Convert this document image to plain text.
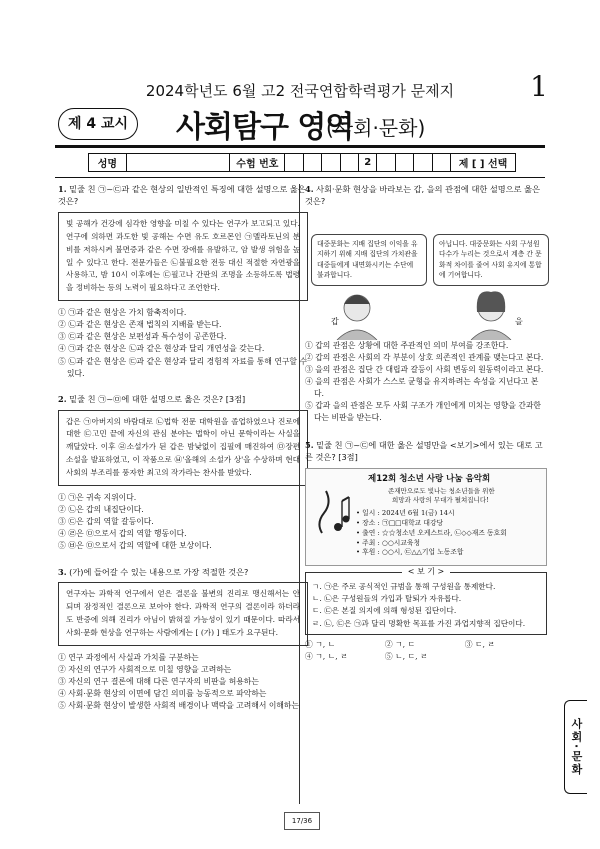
2024학년도 6월 고2 전국연합학력평가 문제지	1
제 4 교시	사회탐구 영역
(사회·문화)
성명	수험 번호	2	제 [ ] 선택
1. 밑줄 친 ㉠~㉢과 같은 현상의 일반적인 특징에 대한 설명으로 옳은 것은?
빛 공해가 건강에 심각한 영향을 미칠 수 있다는 연구가 보고되고 있다. 연구에 의하면 과도한 빛 공해는 수면 유도 호르몬인 ㉠멜라토닌의 분비를 저하시켜 불면증과 같은 수면 장애를 유발하고, 암 발생 위험을 높일 수 있다고 한다. 전문가들은 ㉡불필요한 전등 대신 적절한 자연광을 사용하고, 밤 10시 이후에는 ㉢필고나 간판의 조명을 소등하도록 법령을 정비하는 등의 노력이 필요하다고 조언한다.
① ㉠과 같은 현상은 가치 함축적이다.
② ㉡과 같은 현상은 존재 법칙의 지배를 받는다.
③ ㉢과 같은 현상은 보편성과 특수성이 공존한다.
④ ㉠과 같은 현상은 ㉡과 같은 현상과 달리 개연성을 갖는다.
⑤ ㉡과 같은 현상은 ㉢과 같은 현상과 달리 경험적 자료를 통해 연구할 수 있다.
2. 밑줄 친 ㉠~㉤에 대한 설명으로 옳은 것은? [3점]
갑은 ㉠아버지의 바람대로 ㉡법학 전문 대학원을 졸업하였으나 진로에 대한 ㉢고민 끝에 자신의 관심 분야는 법학이 아닌 문학이라는 사실을 깨달았다. 이후 ㉣소설가가 된 갑은 밤낮없이 집필에 매진하여 ㉤장편 소설을 발표하였고, 이 작품으로 ㉥'올해의 소설가 상'을 수상하며 현대 사회의 부조리를 풍자한 최고의 작가라는 찬사를 받았다.
① ㉠은 귀속 지위이다.
② ㉡은 갑의 내집단이다.
③ ㉢은 갑의 역할 갈등이다.
④ ㉣은 ㉤으로서 갑의 역할 행동이다.
⑤ ㉥은 ㉤으로서 갑의 역할에 대한 보상이다.
3. (가)에 들어갈 수 있는 내용으로 가장 적절한 것은?
연구자는 과학적 연구에서 얻은 결론을 불변의 진리로 맹신해서는 안 되며 잠정적인 결론으로 보아야 한다. 과학적 연구의 결론이라 하더라도 반증에 의해 진리가 아님이 밝혀질 가능성이 있기 때문이다. 따라서 사회·문화 현상을 연구하는 사람에게는 [ (가) ] 태도가 요구된다.
① 연구 과정에서 사실과 가치를 구분하는
② 자신의 연구가 사회적으로 미칠 영향을 고려하는
③ 자신의 연구 결론에 대해 다른 연구자의 비판을 허용하는
④ 사회·문화 현상의 이면에 담긴 의미를 능동적으로 파악하는
⑤ 사회·문화 현상이 발생한 사회적 배경이나 맥락을 고려해서 이해하는
4. 사회·문화 현상을 바라보는 갑, 을의 관점에 대한 설명으로 옳은 것은?
대중문화는 지배 집단의 이익을 유지하기 위해 지배 집단의 가치관을 대중들에게 내면화시키는 수단에 불과합니다.
아닙니다. 대중문화는 사회 구성원 다수가 누리는 것으로서 계층 간 문화적 차이를 줄여 사회 유지에 통합에 기여합니다.
갑	을
① 갑의 관점은 상황에 대한 주관적인 의미 부여를 강조한다.
② 갑의 관점은 사회의 각 부분이 상호 의존적인 관계를 맺는다고 본다.
③ 을의 관점은 집단 간 대립과 갈등이 사회 변동의 원동력이라고 본다.
④ 을의 관점은 사회가 스스로 균형을 유지하려는 속성을 지닌다고 본다.
⑤ 갑과 을의 관점은 모두 사회 구조가 개인에게 미치는 영향을 간과한다는 비판을 받는다.
5. 밑줄 친 ㉠~㉢에 대한 옳은 설명만을 <보기>에서 있는 대로 고른 것은? [3점]
제12회 청소년 사랑 나눔 음악회
존재만으로도 빛나는 청소년들을 위한
희망과 사랑의 무대가 펼쳐집니다!
• 일시 : 2024년 6월 1(금) 14시
• 장소 : ㉠□□대학교 대강당
• 출연 : ☆☆청소년 오케스트라, ㉡◇◇재즈 동호회
• 주최 : ○○시교육청
• 후원 : ○○시, ㉢△△기업 노동조합
< 보 기 >
ㄱ. ㉠은 주로 공식적인 규범을 통해 구성원을 통제한다.
ㄴ. ㉡은 구성원들의 가입과 탈퇴가 자유롭다.
ㄷ. ㉢은 본질 의지에 의해 형성된 집단이다.
ㄹ. ㉡, ㉢은 ㉠과 달리 명확한 목표를 가진 과업지향적 집단이다.
① ㄱ, ㄴ	② ㄱ, ㄷ	③ ㄷ, ㄹ
④ ㄱ, ㄴ, ㄹ	⑤ ㄴ, ㄷ, ㄹ
사회·문화
17/36
